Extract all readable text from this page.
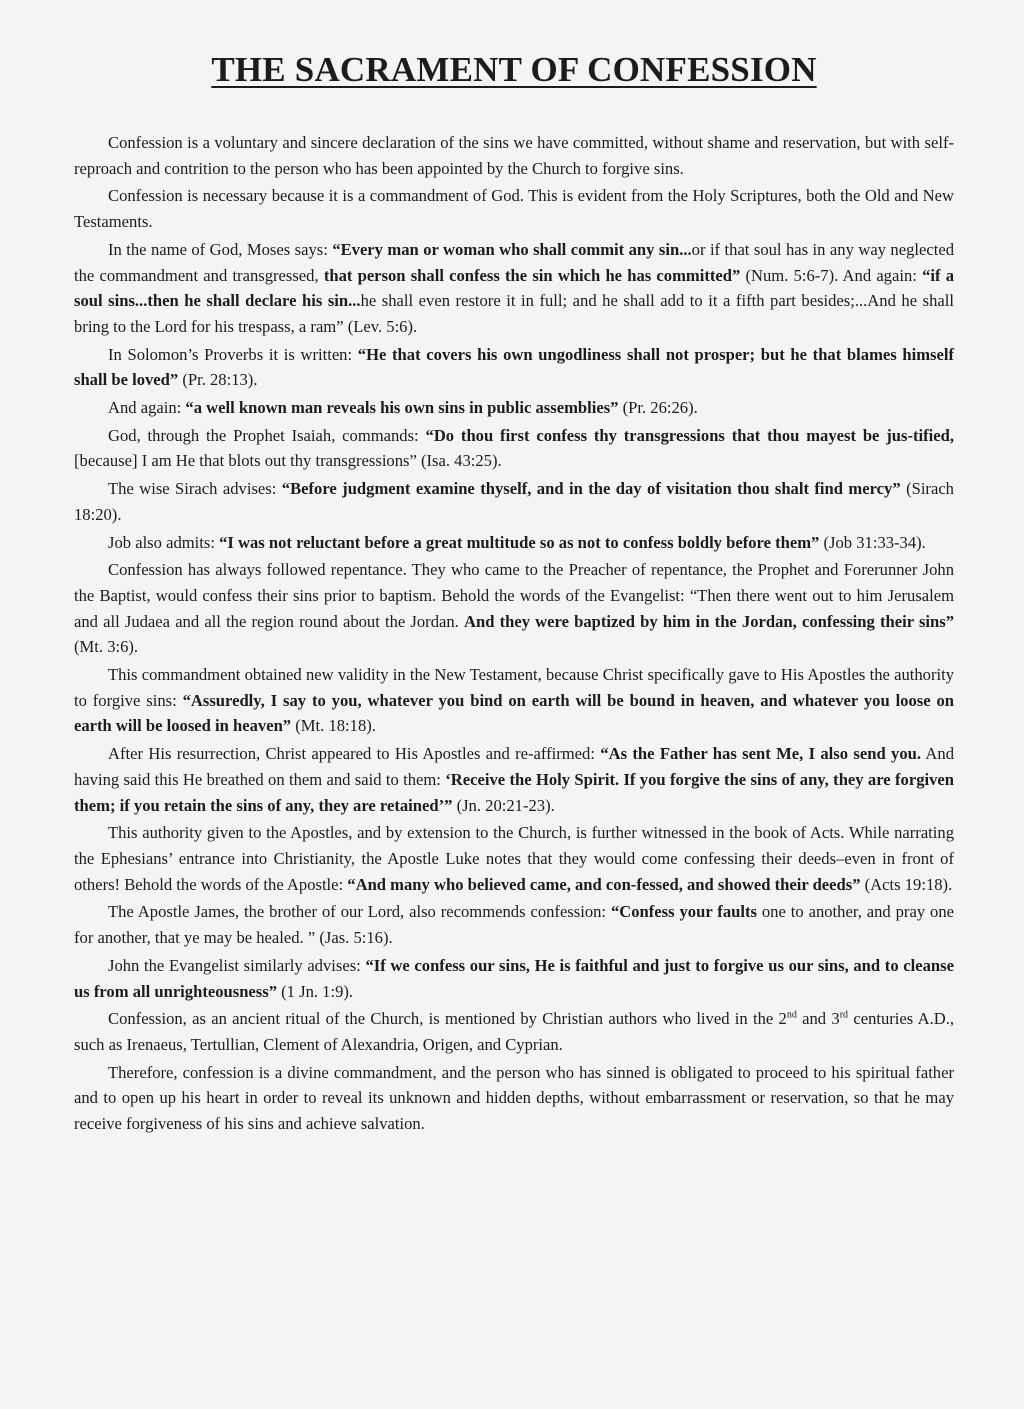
THE SACRAMENT OF CONFESSION

Confession is a voluntary and sincere declaration of the sins we have committed, without shame and reservation, but with self-reproach and contrition to the person who has been appointed by the Church to forgive sins.

Confession is necessary because it is a commandment of God. This is evident from the Holy Scriptures, both the Old and New Testaments.

In the name of God, Moses says: “Every man or woman who shall commit any sin...or if that soul has in any way neglected the commandment and transgressed, that person shall confess the sin which he has committed” (Num. 5:6-7). And again: “if a soul sins...then he shall declare his sin...he shall even restore it in full; and he shall add to it a fifth part besides;...And he shall bring to the Lord for his trespass, a ram” (Lev. 5:6).

In Solomon’s Proverbs it is written: “He that covers his own ungodliness shall not prosper; but he that blames himself shall be loved” (Pr. 28:13).

And again: “a well known man reveals his own sins in public assemblies” (Pr. 26:26).

God, through the Prophet Isaiah, commands: “Do thou first confess thy transgressions that thou mayest be jus-tified, [because] I am He that blots out thy transgressions” (Isa. 43:25).

The wise Sirach advises: “Before judgment examine thyself, and in the day of visitation thou shalt find mercy” (Sirach 18:20).

Job also admits: “I was not reluctant before a great multitude so as not to confess boldly before them” (Job 31:33-34).

Confession has always followed repentance. They who came to the Preacher of repentance, the Prophet and Forerunner John the Baptist, would confess their sins prior to baptism. Behold the words of the Evangelist: “Then there went out to him Jerusalem and all Judaea and all the region round about the Jordan. And they were baptized by him in the Jordan, confessing their sins” (Mt. 3:6).

This commandment obtained new validity in the New Testament, because Christ specifically gave to His Apostles the authority to forgive sins: “Assuredly, I say to you, whatever you bind on earth will be bound in heaven, and whatever you loose on earth will be loosed in heaven” (Mt. 18:18).

After His resurrection, Christ appeared to His Apostles and re-affirmed: “As the Father has sent Me, I also send you. And having said this He breathed on them and said to them: ‘Receive the Holy Spirit. If you forgive the sins of any, they are forgiven them; if you retain the sins of any, they are retained’” (Jn. 20:21-23).

This authority given to the Apostles, and by extension to the Church, is further witnessed in the book of Acts. While narrating the Ephesians’ entrance into Christianity, the Apostle Luke notes that they would come confessing their deeds–even in front of others! Behold the words of the Apostle: “And many who believed came, and con-fessed, and showed their deeds” (Acts 19:18).

The Apostle James, the brother of our Lord, also recommends confession: “Confess your faults one to another, and pray one for another, that ye may be healed. ” (Jas. 5:16).

John the Evangelist similarly advises: “If we confess our sins, He is faithful and just to forgive us our sins, and to cleanse us from all unrighteousness” (1 Jn. 1:9).

Confession, as an ancient ritual of the Church, is mentioned by Christian authors who lived in the 2nd and 3rd centuries A.D., such as Irenaeus, Tertullian, Clement of Alexandria, Origen, and Cyprian.

Therefore, confession is a divine commandment, and the person who has sinned is obligated to proceed to his spiritual father and to open up his heart in order to reveal its unknown and hidden depths, without embarrassment or reservation, so that he may receive forgiveness of his sins and achieve salvation.
